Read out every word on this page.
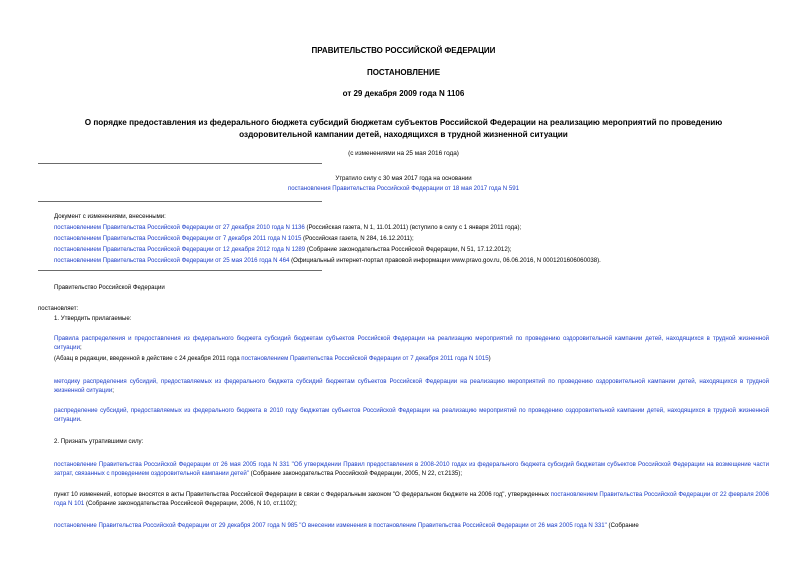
ПРАВИТЕЛЬСТВО РОССИЙСКОЙ ФЕДЕРАЦИИ
ПОСТАНОВЛЕНИЕ
от 29 декабря 2009 года N 1106
О порядке предоставления из федерального бюджета субсидий бюджетам субъектов Российской Федерации на реализацию мероприятий по проведению
оздоровительной кампании детей, находящихся в трудной жизненной ситуации
(с изменениями на 25 мая 2016 года)
Утратило силу с 30 мая 2017 года на основании
постановления Правительства Российской Федерации от 18 мая 2017 года N 591
Документ с изменениями, внесенными:
постановлением Правительства Российской Федерации от 27 декабря 2010 года N 1136 (Российская газета, N 1, 11.01.2011) (вступило в силу с 1 января 2011 года);
постановлением Правительства Российской Федерации от 7 декабря 2011 года N 1015 (Российская газета, N 284, 16.12.2011);
постановлением Правительства Российской Федерации от 12 декабря 2012 года N 1289 (Собрание законодательства Российской Федерации, N 51, 17.12.2012);
постановлением Правительства Российской Федерации от 25 мая 2016 года N 464 (Официальный интернет-портал правовой информации www.pravo.gov.ru, 06.06.2016, N 0001201606060038).
Правительство Российской Федерации
постановляет:
1. Утвердить прилагаемые:
Правила распределения и предоставления из федерального бюджета субсидий бюджетам субъектов Российской Федерации на реализацию мероприятий по проведению оздоровительной кампании детей, находящихся в трудной жизненной ситуации;
(Абзац в редакции, введенной в действие с 24 декабря 2011 года постановлением Правительства Российской Федерации от 7 декабря 2011 года N 1015)
методику распределения субсидий, предоставляемых из федерального бюджета субсидий бюджетам субъектов Российской Федерации на реализацию мероприятий по проведению оздоровительной кампании детей, находящихся в трудной жизненной ситуации;
распределение субсидий, предоставляемых из федерального бюджета в 2010 году бюджетам субъектов Российской Федерации на реализацию мероприятий по проведению оздоровительной кампании детей, находящихся в трудной жизненной ситуации.
2. Признать утратившими силу:
постановление Правительства Российской Федерации от 26 мая 2005 года N 331 "Об утверждении Правил предоставления в 2008-2010 годах из федерального бюджета субсидий бюджетам субъектов Российской Федерации на возмещение части затрат, связанных с проведением оздоровительной кампании детей" (Собрание законодательства Российской Федерации, 2005, N 22, ст.2135);
пункт 10 изменений, которые вносятся в акты Правительства Российской Федерации в связи с Федеральным законом "О федеральном бюджете на 2006 год", утвержденных постановлением Правительства Российской Федерации от 22 февраля 2006 года N 101 (Собрание законодательства Российской Федерации, 2006, N 10, ст.1102);
постановление Правительства Российской Федерации от 29 декабря 2007 года N 985 "О внесении изменения в постановление Правительства Российской Федерации от 26 мая 2005 года N 331" (Собрание
